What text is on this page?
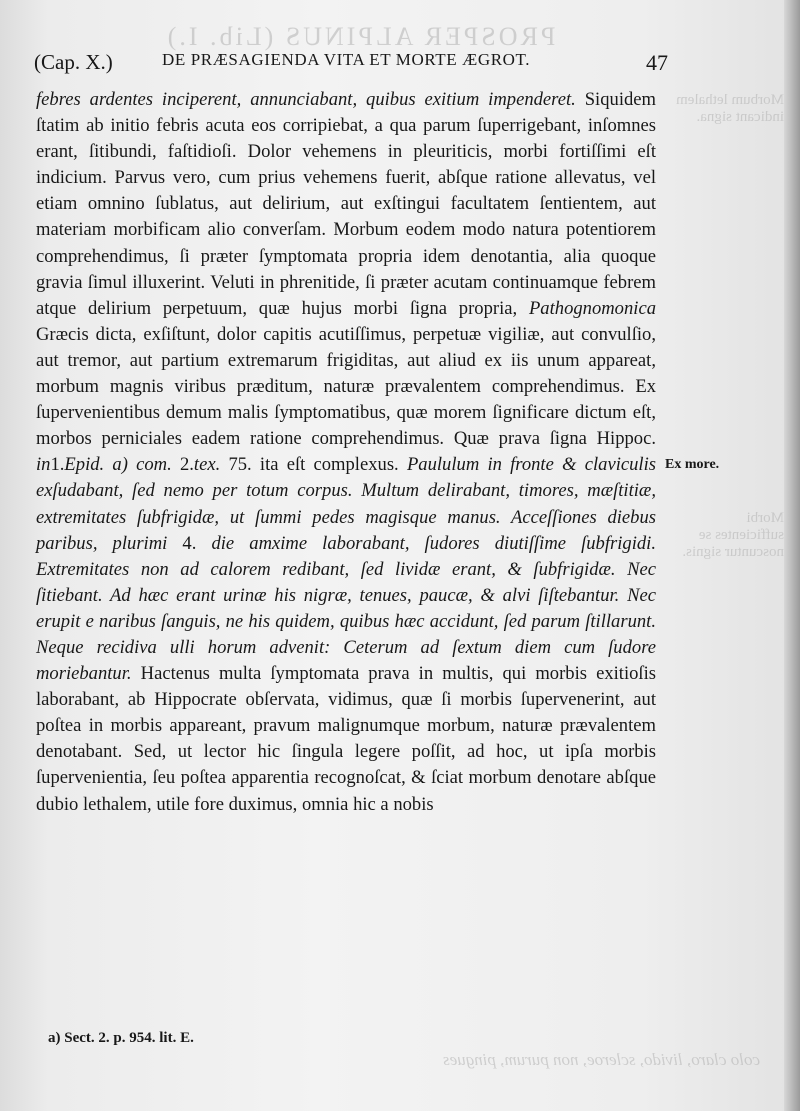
PROSPER ALPINUS (Lib. I.)
Morbum lethalem indicant signa.
Morbi sufficientes se noscuntur signis.
colo claro, livido, scleroe, non purum, pingues
(Cap. X.)	DE PRÆSAGIENDA VITA ET MORTE ÆGROT.	47

febres ardentes inciperent, annunciabant, quibus exitium impenderet. Siquidem ſtatim ab initio febris acuta eos corripiebat, a qua parum ſuperrigebant, inſomnes erant, ſitibundi, faſtidioſi. Dolor vehemens in pleuriticis, morbi fortiſſimi eſt indicium. Parvus vero, cum prius vehemens fuerit, abſque ratione allevatus, vel etiam omnino ſublatus, aut delirium, aut exſtingui facultatem ſentientem, aut materiam morbificam alio converſam. Morbum eodem modo natura potentiorem comprehendimus, ſi præter ſymptomata propria idem denotantia, alia quoque gravia ſimul illuxerint. Veluti in phrenitide, ſi præter acutam continuamque febrem atque delirium perpetuum, quæ hujus morbi ſigna propria, Pathognomonica Græcis dicta, exſiſtunt, dolor capitis acutiſſimus, perpetuæ vigiliæ, aut convulſio, aut tremor, aut partium extremarum frigiditas, aut aliud ex iis unum appareat, morbum magnis viribus præditum, naturæ prævalentem comprehendimus. Ex ſupervenientibus demum malis ſymptomatibus, quæ morem ſignificare dictum eſt, morbos perniciales eadem ratione comprehendimus. Quæ prava ſigna Hippoc. in1.Epid. a) com. 2.tex. 75. ita eſt complexus. Paululum in fronte & claviculis exſudabant, ſed nemo per totum corpus. Multum delirabant, timores, mæſtitiæ, extremitates ſubfrigidæ, ut ſummi pedes magisque manus. Acceſſiones diebus paribus, plurimi 4. die amxime laborabant, ſudores diutiſſime ſubfrigidi. Extremitates non ad calorem redibant, ſed lividæ erant, & ſubfrigidæ. Nec ſitiebant. Ad hæc erant urinæ his nigræ, tenues, paucæ, & alvi ſiſtebantur. Nec erupit e naribus ſanguis, ne his quidem, quibus hæc accidunt, ſed parum ſtillarunt. Neque recidiva ulli horum advenit: Ceterum ad ſextum diem cum ſudore moriebantur. Hactenus multa ſymptomata prava in multis, qui morbis exitioſis laborabant, ab Hippocrate obſervata, vidimus, quæ ſi morbis ſupervenerint, aut poſtea in morbis appareant, pravum malignumque morbum, naturæ prævalentem denotabant. Sed, ut lector hic ſingula legere poſſit, ad hoc, ut ipſa morbis ſupervenientia, ſeu poſtea apparentia recognoſcat, & ſciat morbum denotare abſque dubio lethalem, utile fore duximus, omnia hic a nobis

Ex more.
a) Sect. 2. p. 954. lit. E.
